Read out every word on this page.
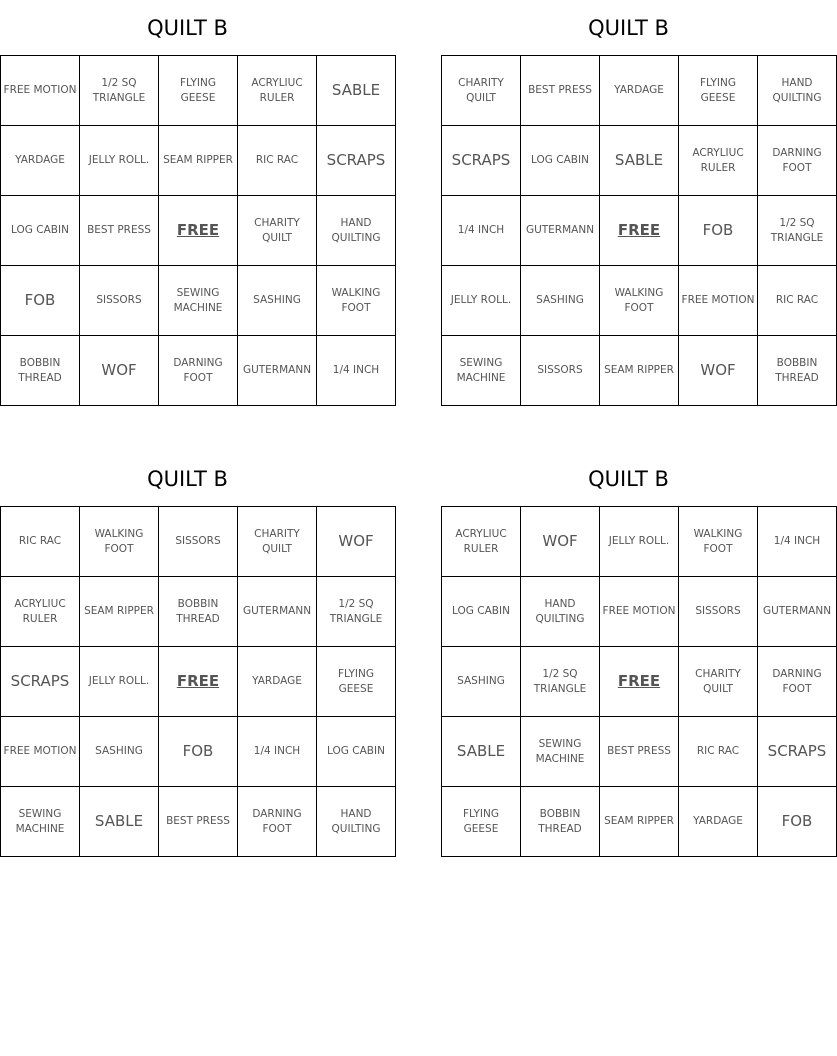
QUILT B
FREE MOTION	1/2 SQ TRIANGLE	FLYING GEESE	ACRYLIUC RULER	SABLE
YARDAGE	JELLY ROLL.	SEAM RIPPER	RIC RAC	SCRAPS
LOG CABIN	BEST PRESS	FREE	CHARITY QUILT	HAND QUILTING
FOB	SISSORS	SEWING MACHINE	SASHING	WALKING FOOT
BOBBIN THREAD	WOF	DARNING FOOT	GUTERMANN	1/4 INCH
QUILT B
CHARITY QUILT	BEST PRESS	YARDAGE	FLYING GEESE	HAND QUILTING
SCRAPS	LOG CABIN	SABLE	ACRYLIUC RULER	DARNING FOOT
1/4 INCH	GUTERMANN	FREE	FOB	1/2 SQ TRIANGLE
JELLY ROLL.	SASHING	WALKING FOOT	FREE MOTION	RIC RAC
SEWING MACHINE	SISSORS	SEAM RIPPER	WOF	BOBBIN THREAD
QUILT B
RIC RAC	WALKING FOOT	SISSORS	CHARITY QUILT	WOF
ACRYLIUC RULER	SEAM RIPPER	BOBBIN THREAD	GUTERMANN	1/2 SQ TRIANGLE
SCRAPS	JELLY ROLL.	FREE	YARDAGE	FLYING GEESE
FREE MOTION	SASHING	FOB	1/4 INCH	LOG CABIN
SEWING MACHINE	SABLE	BEST PRESS	DARNING FOOT	HAND QUILTING
QUILT B
ACRYLIUC RULER	WOF	JELLY ROLL.	WALKING FOOT	1/4 INCH
LOG CABIN	HAND QUILTING	FREE MOTION	SISSORS	GUTERMANN
SASHING	1/2 SQ TRIANGLE	FREE	CHARITY QUILT	DARNING FOOT
SABLE	SEWING MACHINE	BEST PRESS	RIC RAC	SCRAPS
FLYING GEESE	BOBBIN THREAD	SEAM RIPPER	YARDAGE	FOB
